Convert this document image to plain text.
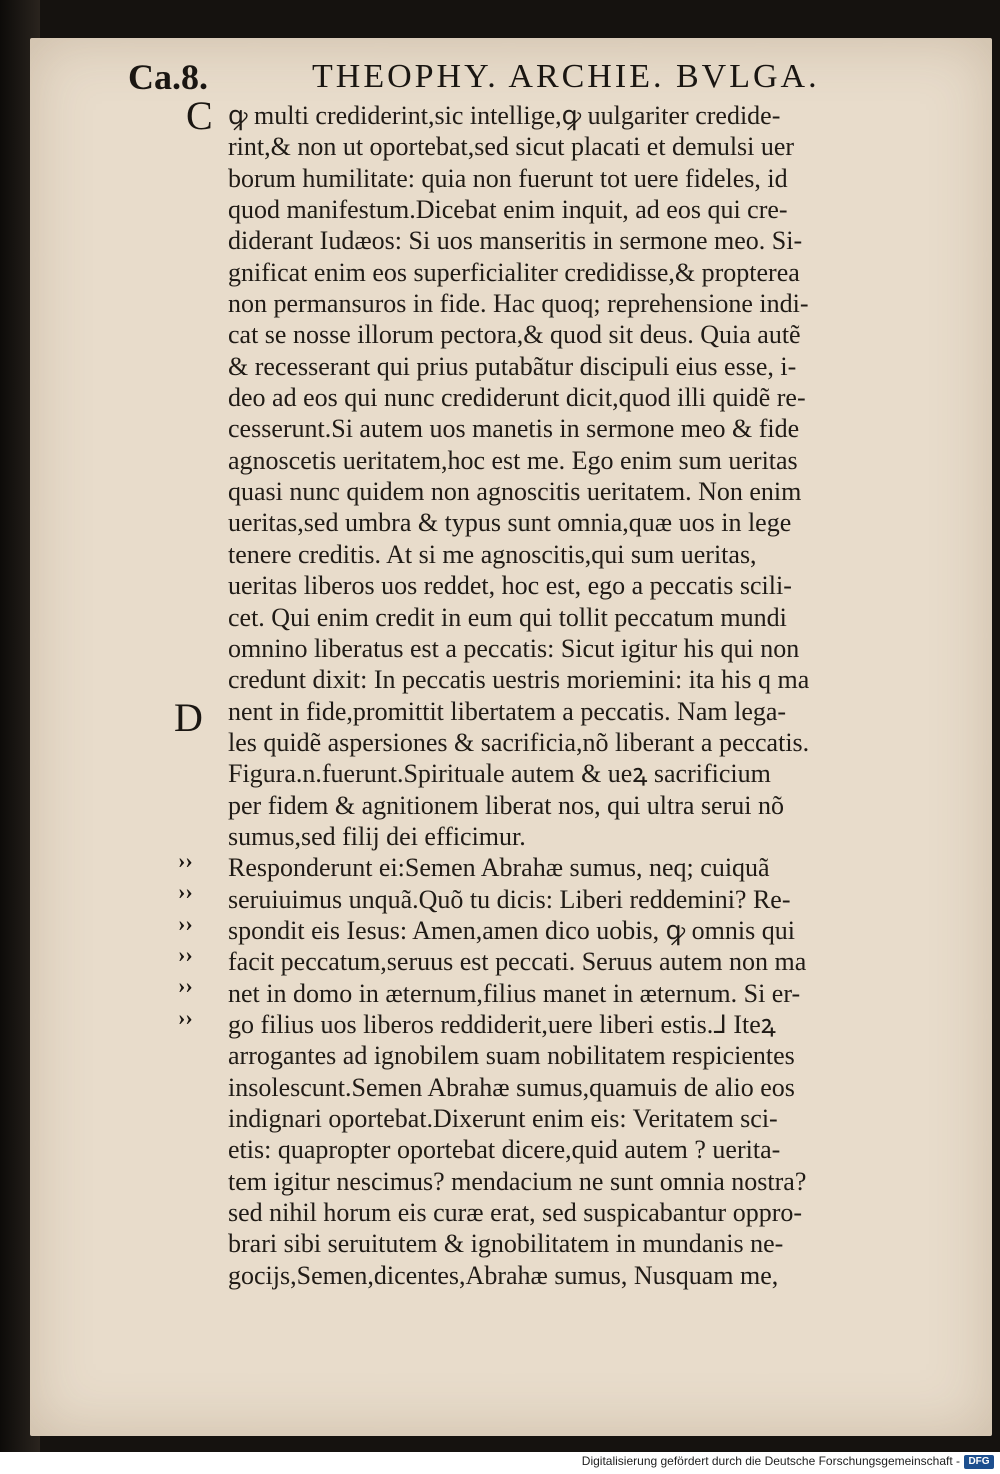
Ca.8.	THEOPHY. ARCHIE. BVLGA.
C
D
››
››
››
››
››
››
ꝙ multi crediderint,sic intellige,ꝙ uulgariter credide-
rint,& non ut oportebat,sed sicut placati et demulsi uer
borum humilitate: quia non fuerunt tot uere fideles, id
quod manifestum.Dicebat enim inquit, ad eos qui cre-
diderant Iudæos: Si uos manseritis in sermone meo. Si-
gnificat enim eos superficialiter credidisse,& propterea
non permansuros in fide. Hac quoq; reprehensione indi-
cat se nosse illorum pectora,& quod sit deus. Quia autẽ
& recesserant qui prius putabãtur discipuli eius esse, i-
deo ad eos qui nunc crediderunt dicit,quod illi quidẽ re-
cesserunt.Si autem uos manetis in sermone meo & fide
agnoscetis ueritatem,hoc est me. Ego enim sum ueritas
quasi nunc quidem non agnoscitis ueritatem. Non enim
ueritas,sed umbra & typus sunt omnia,quæ uos in lege
tenere creditis. At si me agnoscitis,qui sum ueritas,
ueritas liberos uos reddet, hoc est, ego a peccatis scili-
cet. Qui enim credit in eum qui tollit peccatum mundi
omnino liberatus est a peccatis: Sicut igitur his qui non
credunt dixit: In peccatis uestris moriemini: ita his q ma
nent in fide,promittit libertatem a peccatis. Nam lega-
les quidẽ aspersiones & sacrificia,nõ liberant a peccatis.
Figura.n.fuerunt.Spirituale autem & ueꝝ sacrificium
per fidem & agnitionem liberat nos, qui ultra serui nõ
sumus,sed filij dei efficimur.
Responderunt ei:Semen Abrahæ sumus, neq; cuiquã
seruiuimus unquã.Quõ tu dicis: Liberi reddemini? Re-
spondit eis Iesus: Amen,amen dico uobis, ꝙ omnis qui
facit peccatum,seruus est peccati. Seruus autem non ma
net in domo in æternum,filius manet in æternum. Si er-
go filius uos liberos reddiderit,uere liberi estis.⅃ Iteꝝ
arrogantes ad ignobilem suam nobilitatem respicientes
insolescunt.Semen Abrahæ sumus,quamuis de alio eos
indignari oportebat.Dixerunt enim eis: Veritatem sci-
etis: quapropter oportebat dicere,quid autem ? uerita-
tem igitur nescimus? mendacium ne sunt omnia nostra?
sed nihil horum eis curæ erat, sed suspicabantur oppro-
brari sibi seruitutem & ignobilitatem in mundanis ne-
gocijs,Semen,dicentes,Abrahæ sumus, Nusquam me,
Digitalisierung gefördert durch die Deutsche Forschungsgemeinschaft - DFG
